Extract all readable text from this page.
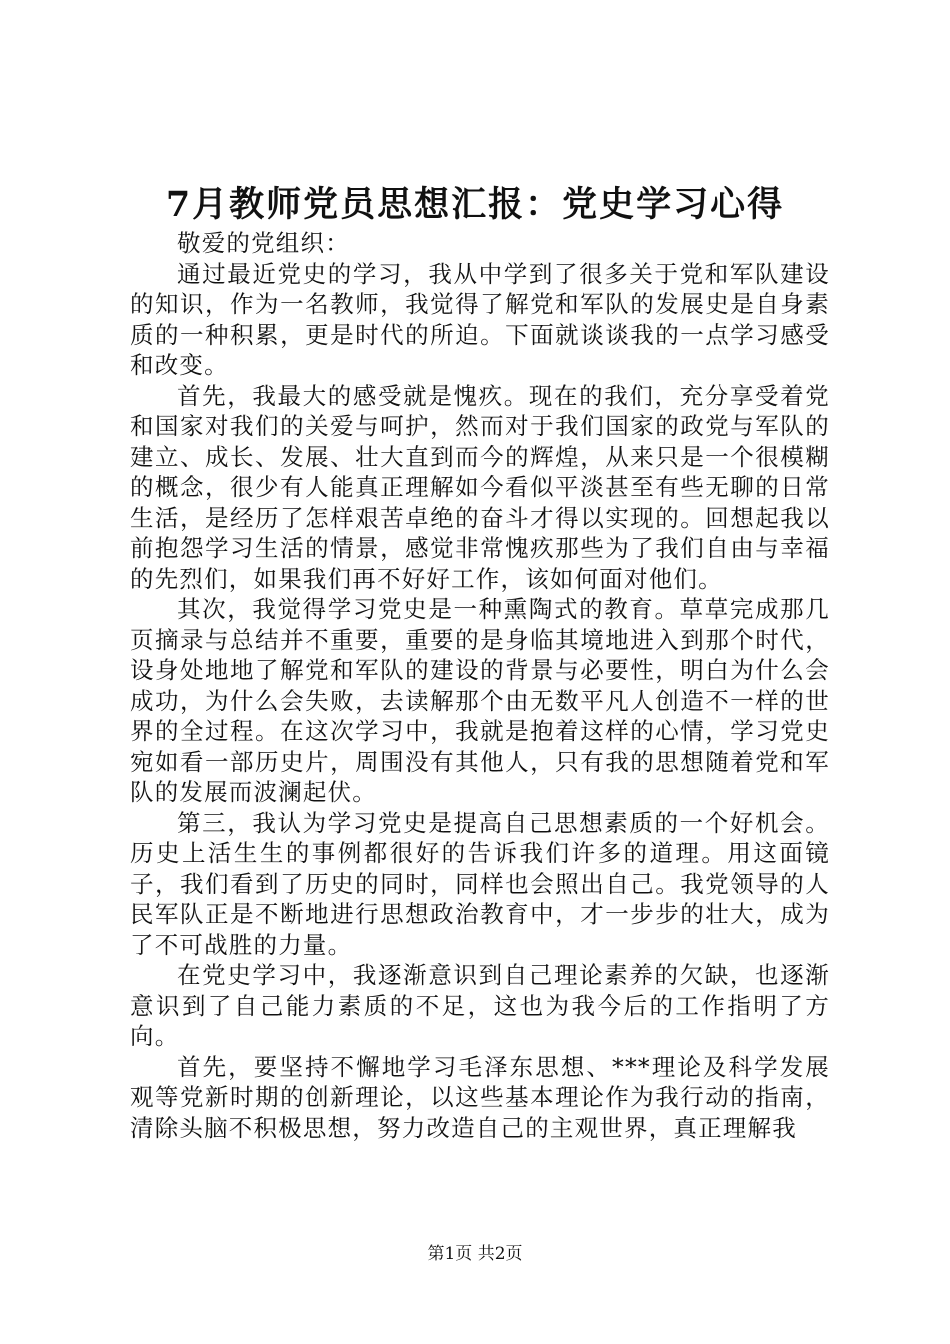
7月教师党员思想汇报：党史学习心得

敬爱的党组织：

通过最近党史的学习，我从中学到了很多关于党和军队建设的知识，作为一名教师，我觉得了解党和军队的发展史是自身素质的一种积累，更是时代的所迫。下面就谈谈我的一点学习感受和改变。

首先，我最大的感受就是愧疚。现在的我们，充分享受着党和国家对我们的关爱与呵护，然而对于我们国家的政党与军队的建立、成长、发展、壮大直到而今的辉煌，从来只是一个很模糊的概念，很少有人能真正理解如今看似平淡甚至有些无聊的日常生活，是经历了怎样艰苦卓绝的奋斗才得以实现的。回想起我以前抱怨学习生活的情景，感觉非常愧疚那些为了我们自由与幸福的先烈们，如果我们再不好好工作，该如何面对他们。

其次，我觉得学习党史是一种熏陶式的教育。草草完成那几页摘录与总结并不重要，重要的是身临其境地进入到那个时代，设身处地地了解党和军队的建设的背景与必要性，明白为什么会成功，为什么会失败，去读解那个由无数平凡人创造不一样的世界的全过程。在这次学习中，我就是抱着这样的心情，学习党史宛如看一部历史片，周围没有其他人，只有我的思想随着党和军队的发展而波澜起伏。

第三，我认为学习党史是提高自己思想素质的一个好机会。历史上活生生的事例都很好的告诉我们许多的道理。用这面镜子，我们看到了历史的同时，同样也会照出自己。我党领导的人民军队正是不断地进行思想政治教育中，才一步步的壮大，成为了不可战胜的力量。

在党史学习中，我逐渐意识到自己理论素养的欠缺，也逐渐意识到了自己能力素质的不足，这也为我今后的工作指明了方向。

首先，要坚持不懈地学习毛泽东思想、***理论及科学发展观等党新时期的创新理论，以这些基本理论作为我行动的指南，清除头脑不积极思想，努力改造自己的主观世界，真正理解我

第1页 共2页
